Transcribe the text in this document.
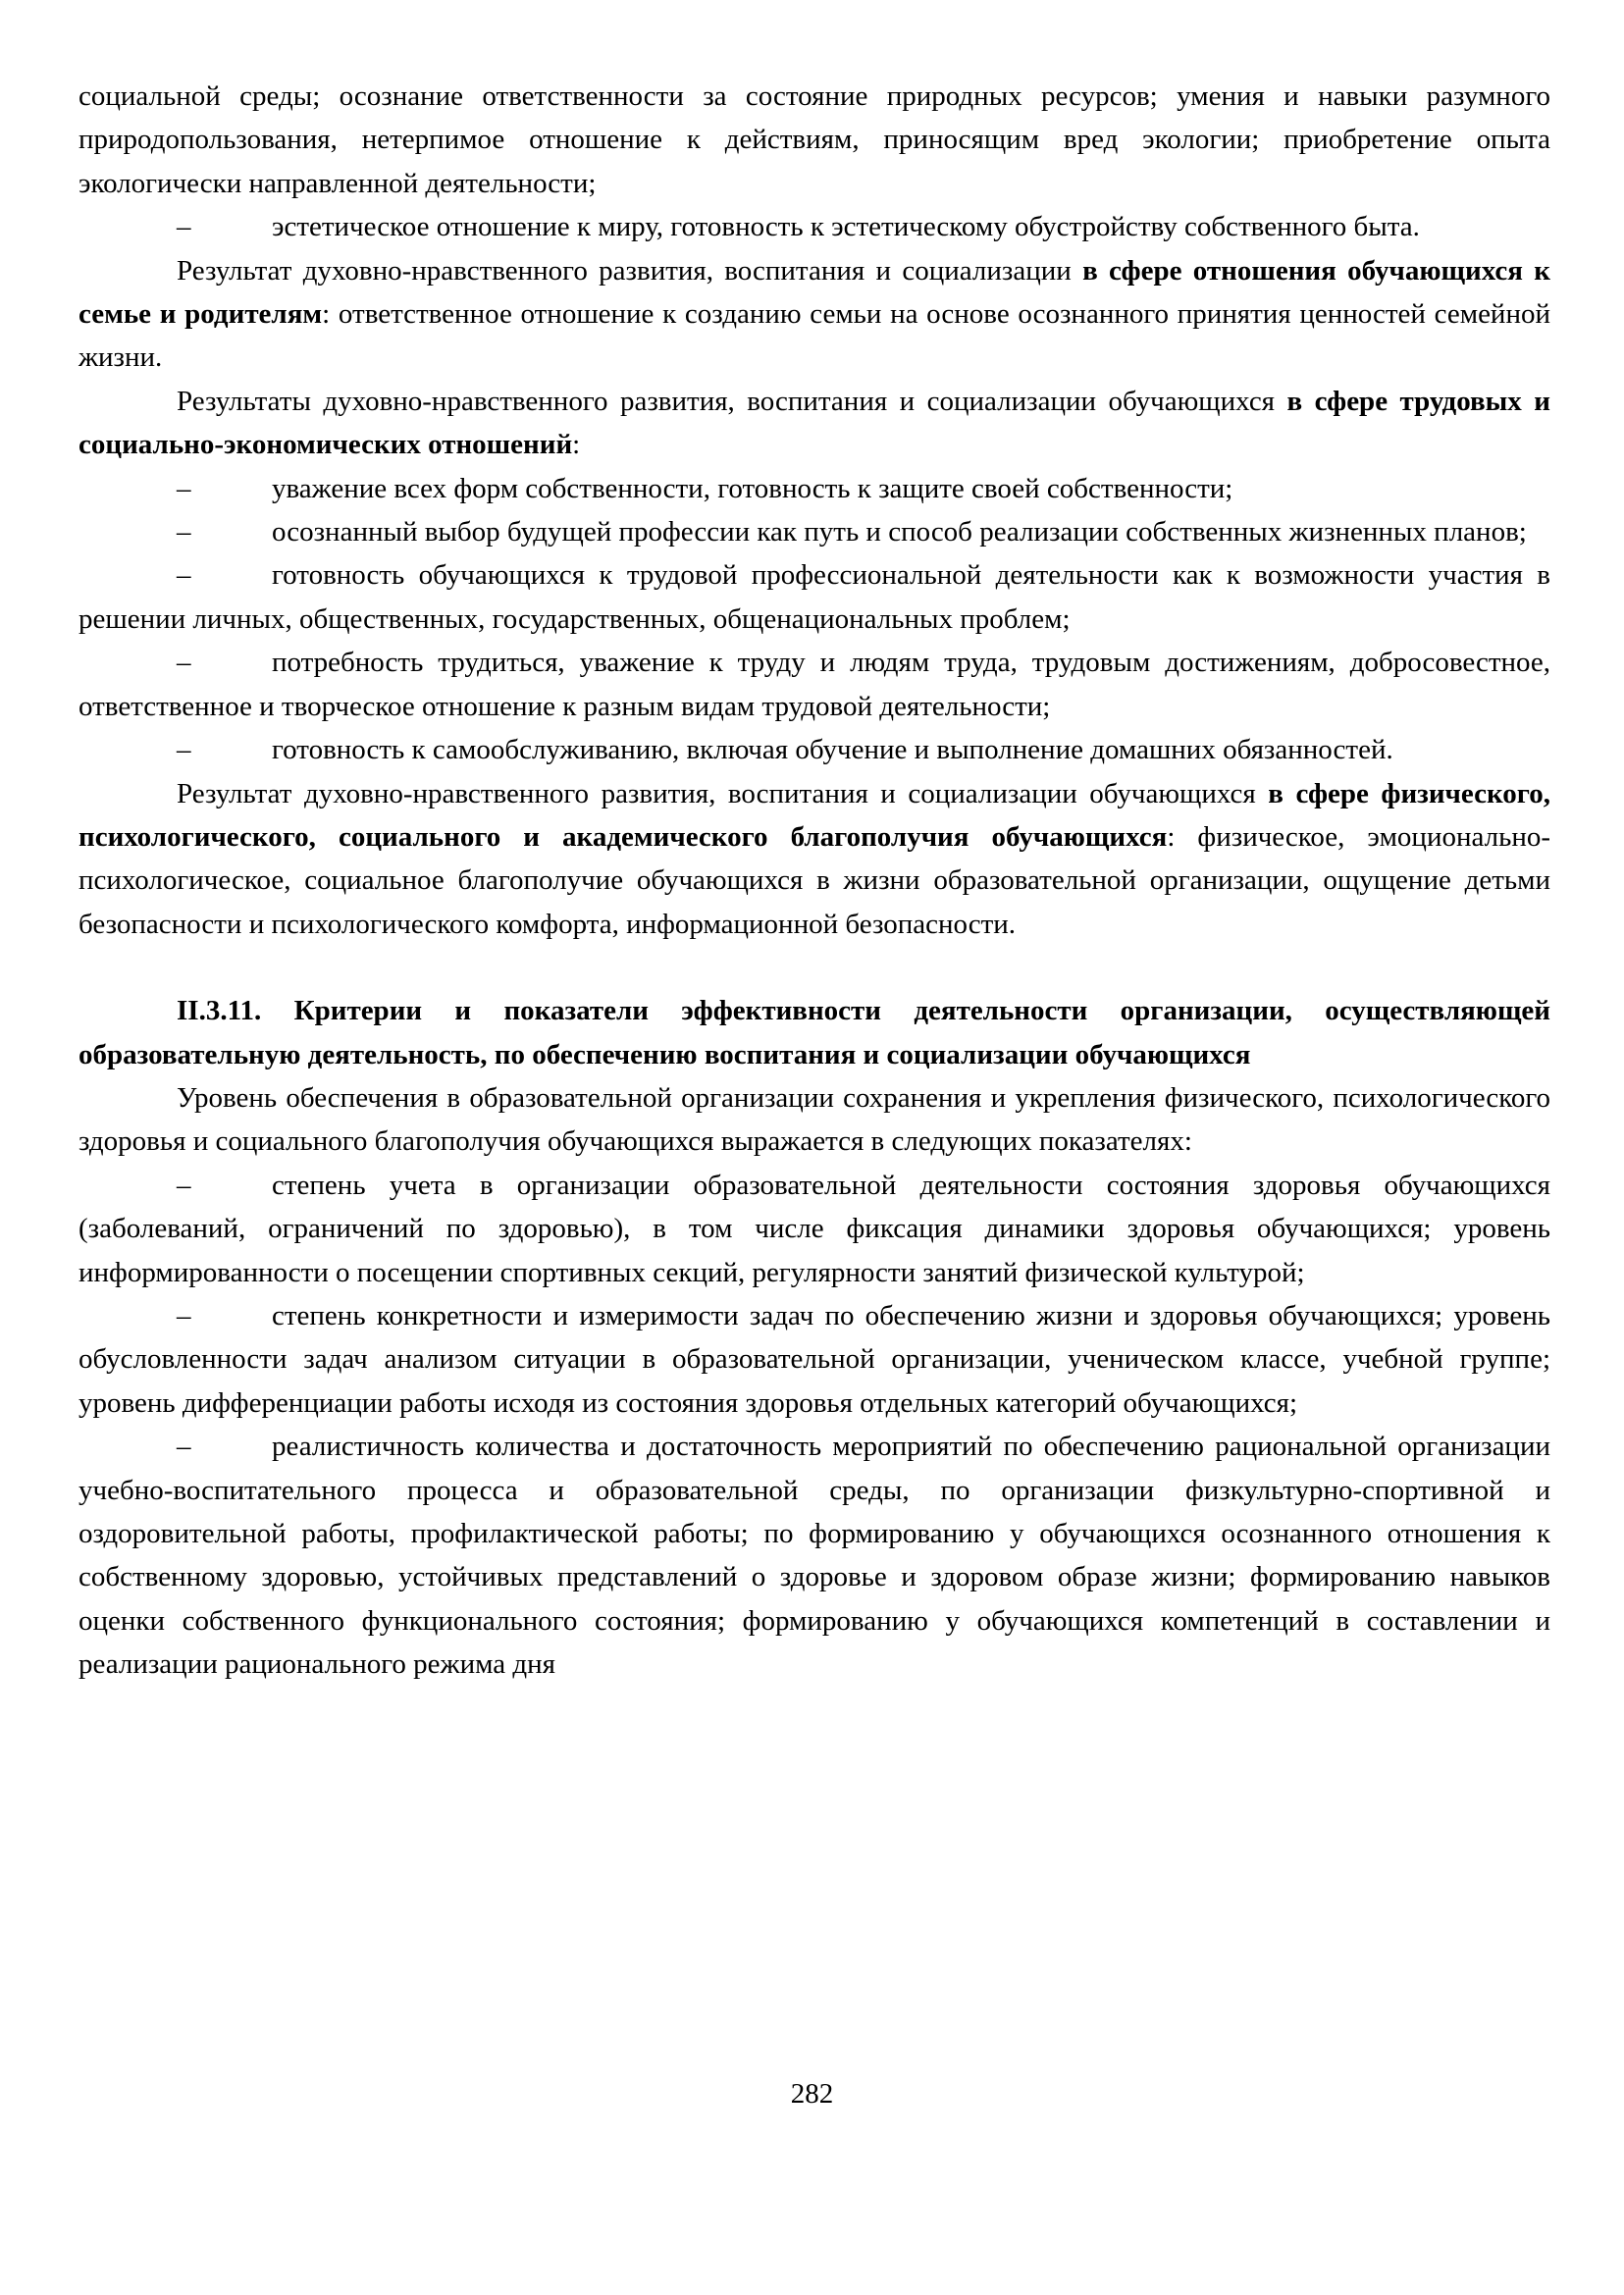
социальной среды; осознание ответственности за состояние природных ресурсов; умения и навыки разумного природопользования, нетерпимое отношение к действиям, приносящим вред экологии; приобретение опыта экологически направленной деятельности;

–	эстетическое отношение к миру, готовность к эстетическому обустройству собственного быта.

Результат духовно-нравственного развития, воспитания и социализации в сфере отношения обучающихся к семье и родителям: ответственное отношение к созданию семьи на основе осознанного принятия ценностей семейной жизни.

Результаты духовно-нравственного развития, воспитания и социализации обучающихся в сфере трудовых и социально-экономических отношений:

–	уважение всех форм собственности, готовность к защите своей собственности;

–	осознанный выбор будущей профессии как путь и способ реализации собственных жизненных планов;

–	готовность обучающихся к трудовой профессиональной деятельности как к возможности участия в решении личных, общественных, государственных, общенациональных проблем;

–	потребность трудиться, уважение к труду и людям труда, трудовым достижениям, добросовестное, ответственное и творческое отношение к разным видам трудовой деятельности;

–	готовность к самообслуживанию, включая обучение и выполнение домашних обязанностей.

Результат духовно-нравственного развития, воспитания и социализации обучающихся в сфере физического, психологического, социального и академического благополучия обучающихся: физическое, эмоционально-психологическое, социальное благополучие обучающихся в жизни образовательной организации, ощущение детьми безопасности и психологического комфорта, информационной безопасности.

II.3.11. Критерии и показатели эффективности деятельности организации, осуществляющей образовательную деятельность, по обеспечению воспитания и социализации обучающихся

Уровень обеспечения в образовательной организации сохранения и укрепления физического, психологического здоровья и социального благополучия обучающихся выражается в следующих показателях:

–	степень учета в организации образовательной деятельности состояния здоровья обучающихся (заболеваний, ограничений по здоровью), в том числе фиксация динамики здоровья обучающихся; уровень информированности о посещении спортивных секций, регулярности занятий физической культурой;

–	степень конкретности и измеримости задач по обеспечению жизни и здоровья обучающихся; уровень обусловленности задач анализом ситуации в образовательной организации, ученическом классе, учебной группе; уровень дифференциации работы исходя из состояния здоровья отдельных категорий обучающихся;

–	реалистичность количества и достаточность мероприятий по обеспечению рациональной организации учебно-воспитательного процесса и образовательной среды, по организации физкультурно-спортивной и оздоровительной работы, профилактической работы; по формированию у обучающихся осознанного отношения к собственному здоровью, устойчивых представлений о здоровье и здоровом образе жизни; формированию навыков оценки собственного функционального состояния; формированию у обучающихся компетенций в составлении и реализации рационального режима дня

282
